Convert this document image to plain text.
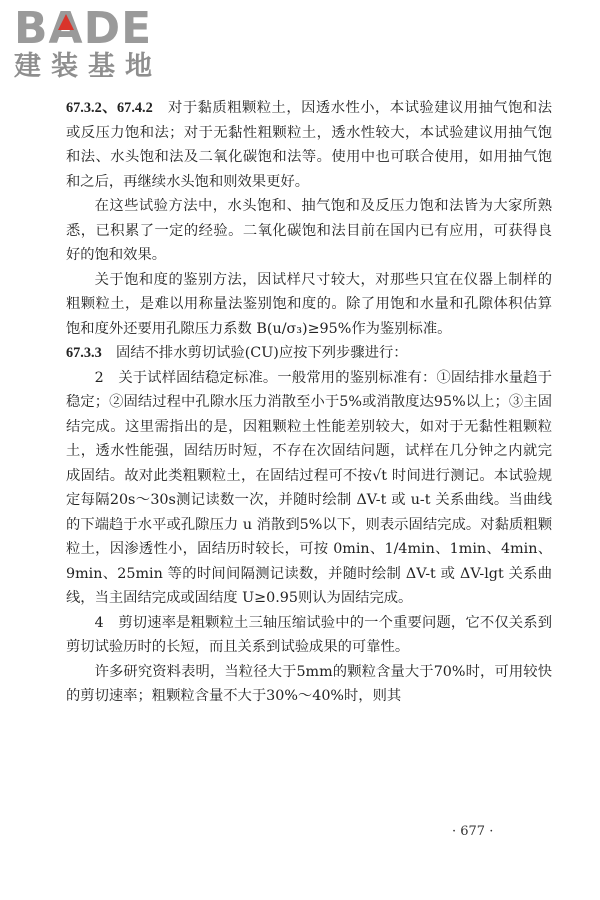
BA
DE
建装基地

67.3.2、67.4.2　 对于黏质粗颗粒土，因透水性小，本试验建议用抽气饱和法或反压力饱和法；对于无黏性粗颗粒土，透水性较大，本试验建议用抽气饱和法、水头饱和法及二氧化碳饱和法等。使用中也可联合使用，如用抽气饱和之后，再继续水头饱和则效果更好。

在这些试验方法中，水头饱和、抽气饱和及反压力饱和法皆为大家所熟悉，已积累了一定的经验。二氧化碳饱和法目前在国内已有应用，可获得良好的饱和效果。

关于饱和度的鉴别方法，因试样尺寸较大，对那些只宜在仪器上制样的粗颗粒土，是难以用称量法鉴别饱和度的。除了用饱和水量和孔隙体积估算饱和度外还要用孔隙压力系数 B(u/σ₃)≥95%作为鉴别标准。

67.3.3　 固结不排水剪切试验(CU)应按下列步骤进行：

2　关于试样固结稳定标准。一般常用的鉴别标准有：①固结排水量趋于稳定；②固结过程中孔隙水压力消散至小于5%或消散度达95%以上；③主固结完成。这里需指出的是，因粗颗粒土性能差别较大，如对于无黏性粗颗粒土，透水性能强，固结历时短，不存在次固结问题，试样在几分钟之内就完成固结。故对此类粗颗粒土，在固结过程可不按√t 时间进行测记。本试验规定每隔20s～30s测记读数一次，并随时绘制 ΔV-t 或 u-t 关系曲线。当曲线的下端趋于水平或孔隙压力 u 消散到5%以下，则表示固结完成。对黏质粗颗粒土，因渗透性小，固结历时较长，可按 0min、1/4min、1min、4min、9min、25min 等的时间间隔测记读数，并随时绘制 ΔV-t 或 ΔV-lgt 关系曲线，当主固结完成或固结度 U≥0.95则认为固结完成。

4　剪切速率是粗颗粒土三轴压缩试验中的一个重要问题，它不仅关系到剪切试验历时的长短，而且关系到试验成果的可靠性。

许多研究资料表明，当粒径大于5mm的颗粒含量大于70%时，可用较快的剪切速率；粗颗粒含量不大于30%～40%时，则其

· 677 ·
